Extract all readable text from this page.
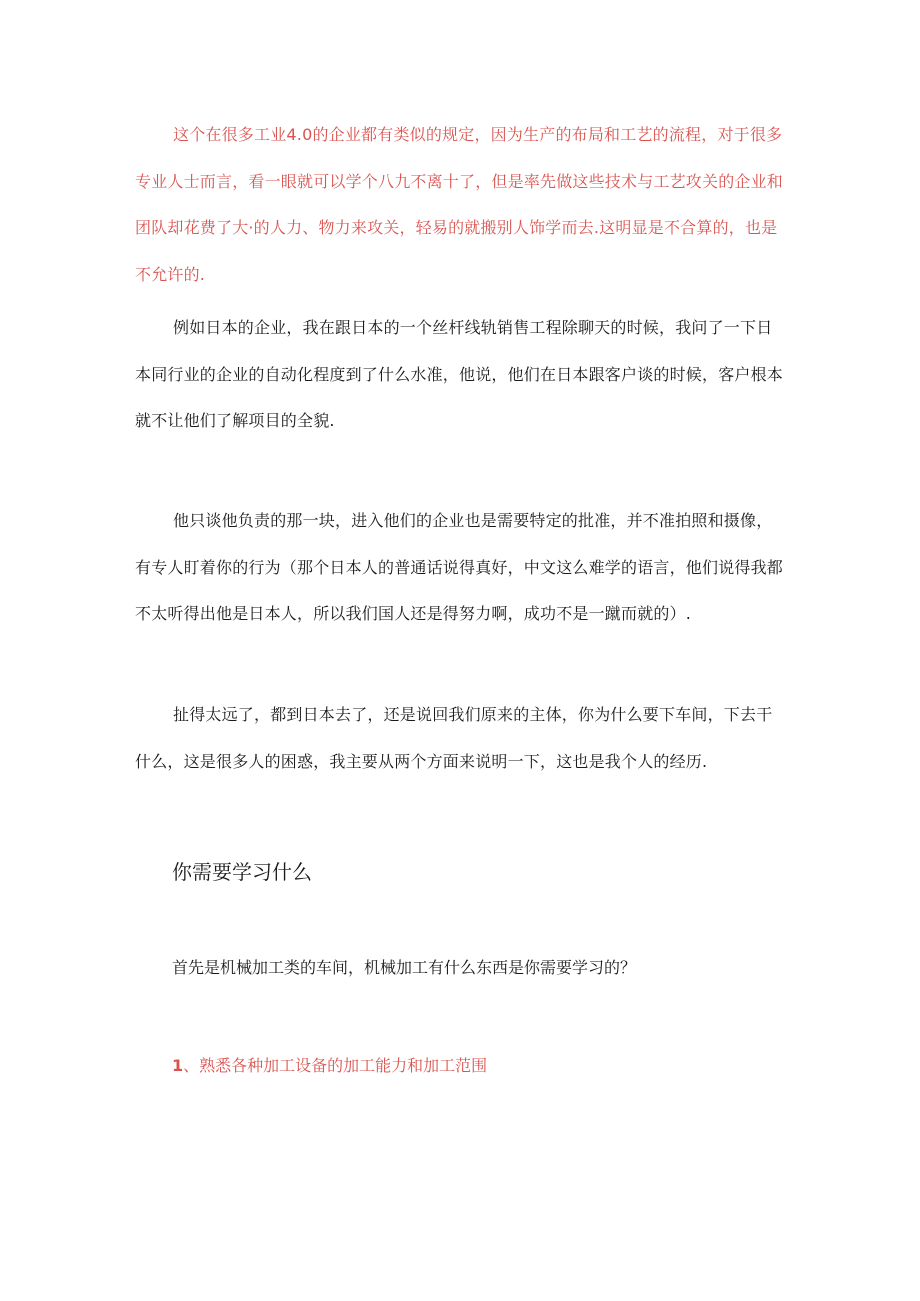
这个在很多工业4.0的企业都有类似的规定，因为生产的布局和工艺的流程，对于很多专业人士而言，看一眼就可以学个八九不离十了，但是率先做这些技术与工艺攻关的企业和团队却花费了大·的人力、物力来攻关，轻易的就搬别人饰学而去.这明显是不合算的，也是不允许的.

例如日本的企业，我在跟日本的一个丝杆线轨销售工程除聊天的时候，我问了一下日本同行业的企业的自动化程度到了什么水准，他说，他们在日本跟客户谈的时候，客户根本就不让他们了解项目的全貌.

他只谈他负责的那一块，进入他们的企业也是需要特定的批准，并不准拍照和摄像，有专人盯着你的行为（那个日本人的普通话说得真好，中文这么难学的语言，他们说得我都不太听得出他是日本人，所以我们国人还是得努力啊，成功不是一蹴而就的）.

扯得太远了，都到日本去了，还是说回我们原来的主体，你为什么要下车间，下去干什么，这是很多人的困惑，我主要从两个方面来说明一下，这也是我个人的经历.

你需要学习什么

首先是机械加工类的车间，机械加工有什么东西是你需要学习的？

1、熟悉各种加工设备的加工能力和加工范围
